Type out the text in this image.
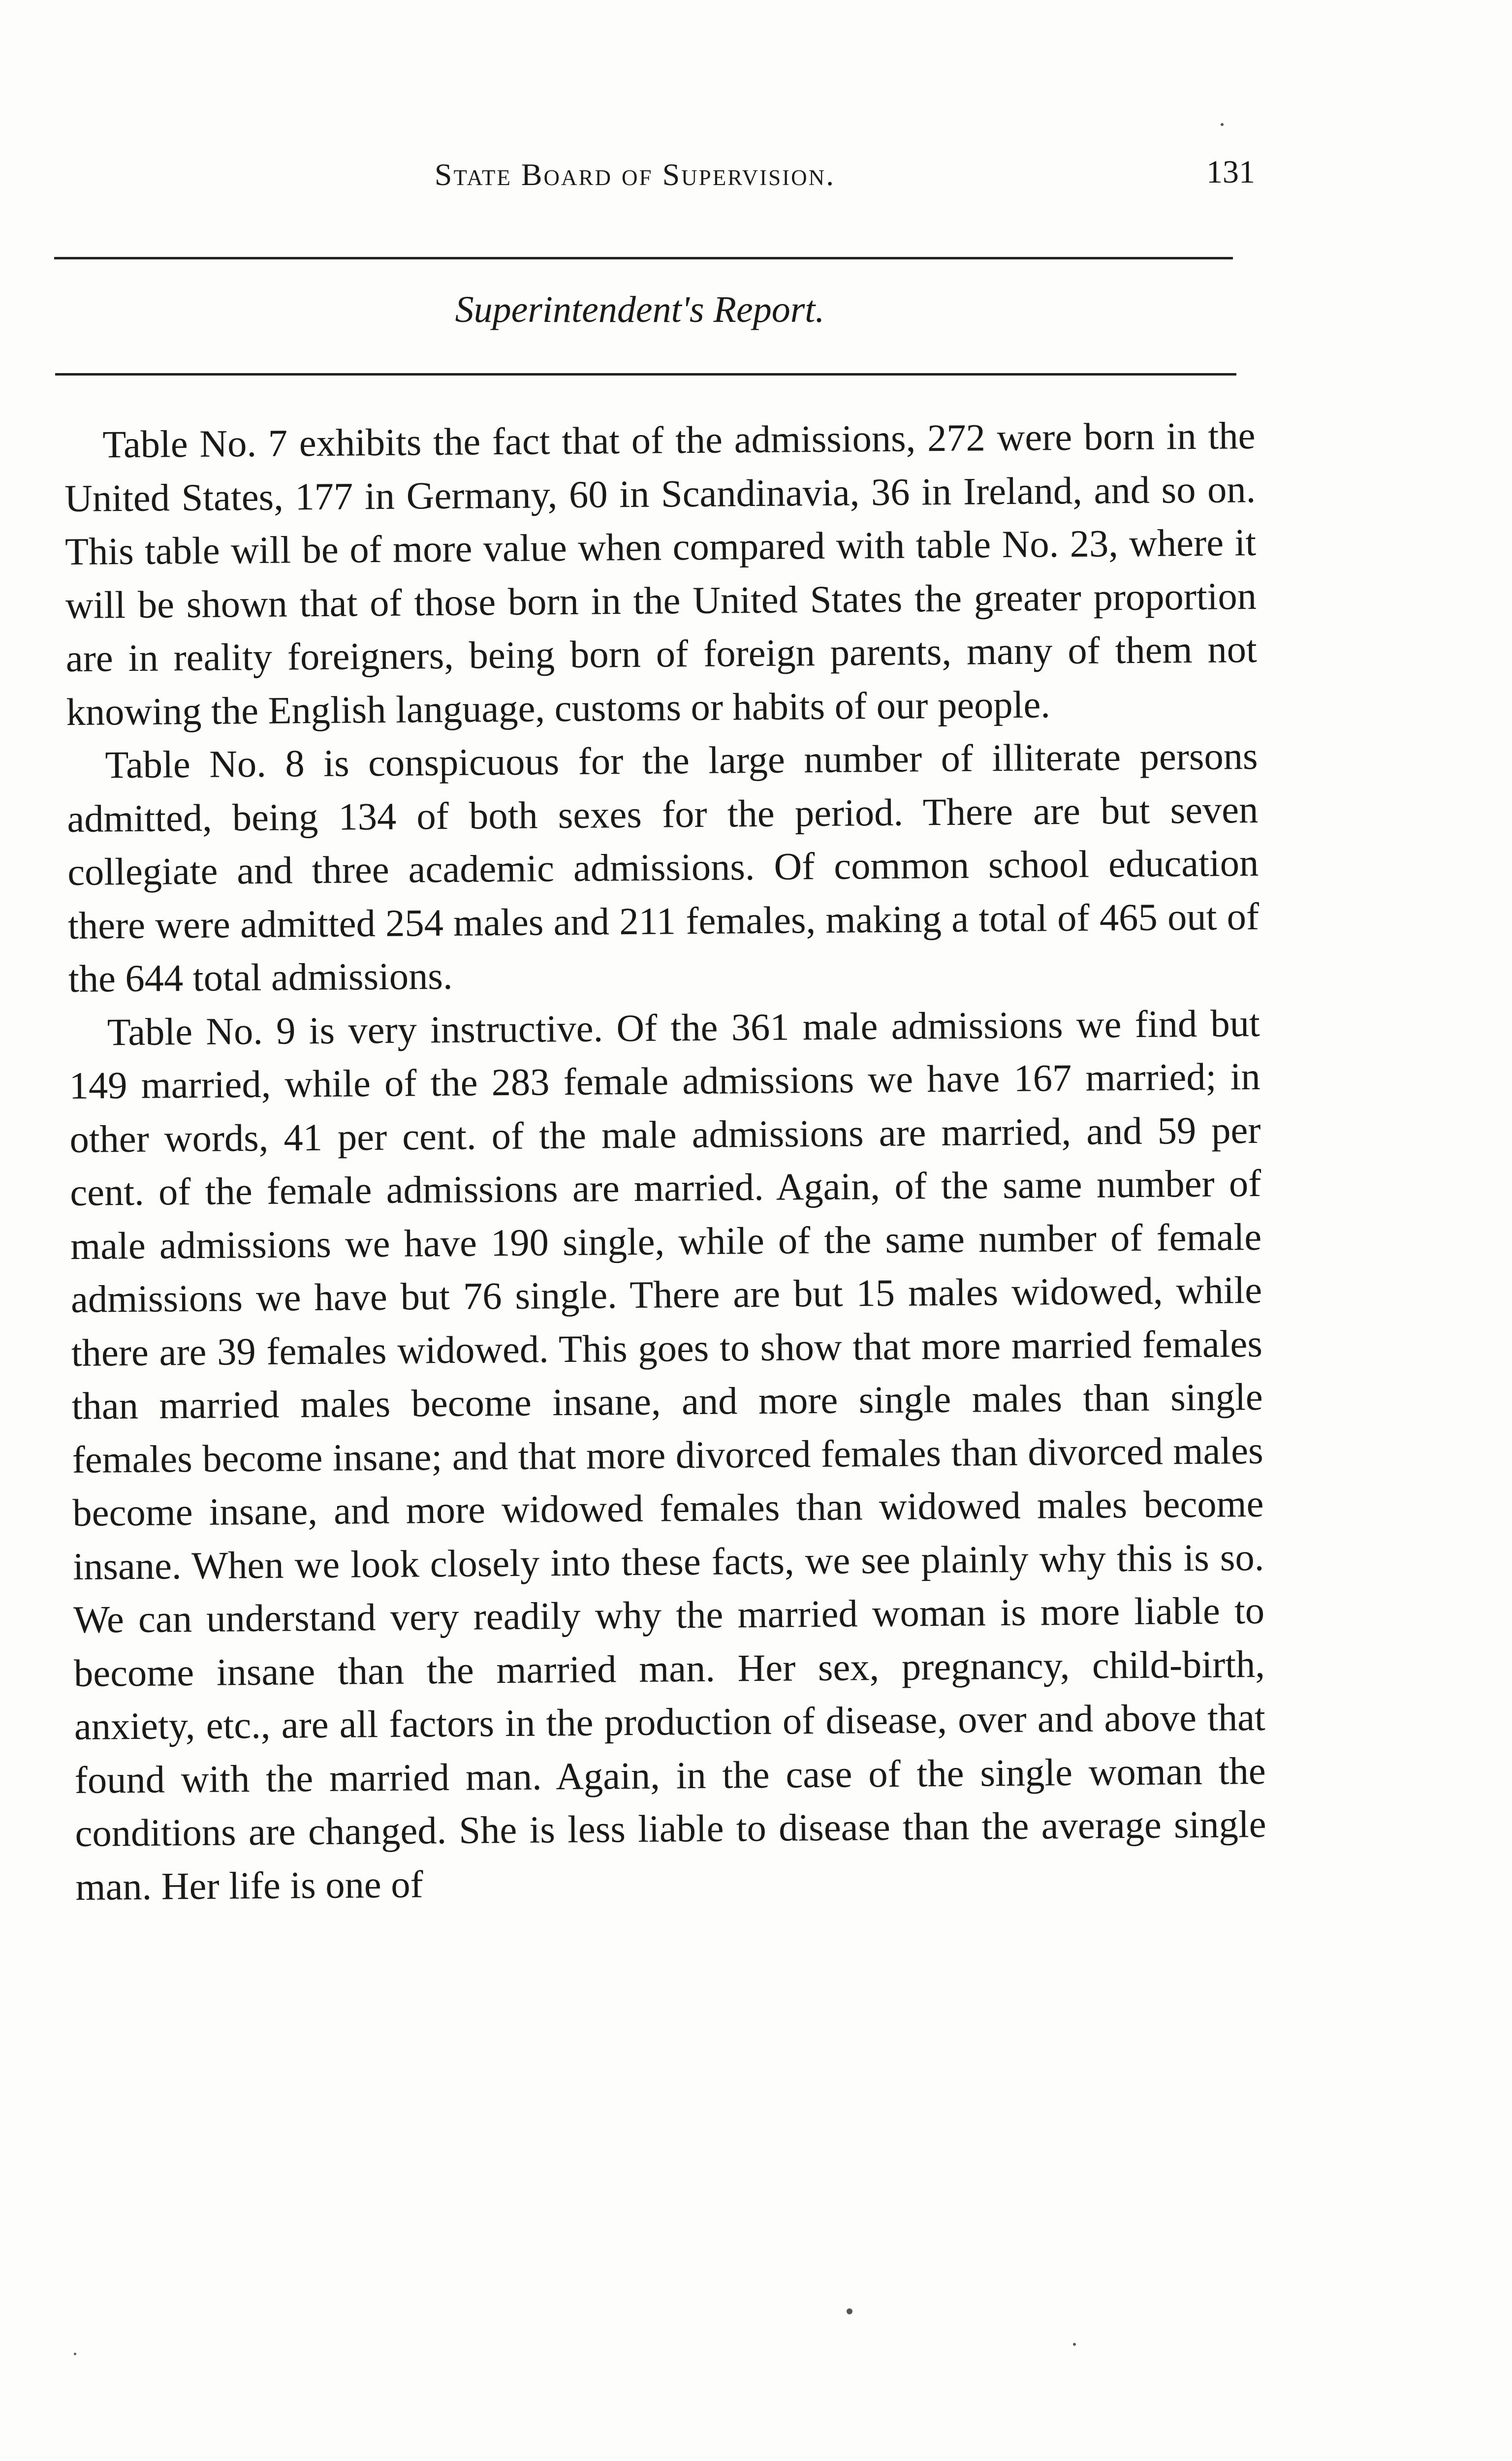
State Board of Supervision.	131
Superintendent's Report.

Table No. 7 exhibits the fact that of the admissions, 272 were born in the United States, 177 in Germany, 60 in Scandinavia, 36 in Ireland, and so on. This table will be of more value when compared with table No. 23, where it will be shown that of those born in the United States the greater proportion are in reality foreigners, being born of foreign parents, many of them not knowing the English language, customs or habits of our people.

Table No. 8 is conspicuous for the large number of illiterate persons admitted, being 134 of both sexes for the period. There are but seven collegiate and three academic admissions. Of common school education there were admitted 254 males and 211 females, making a total of 465 out of the 644 total admissions.

Table No. 9 is very instructive. Of the 361 male admissions we find but 149 married, while of the 283 female admissions we have 167 married; in other words, 41 per cent. of the male admissions are married, and 59 per cent. of the female admissions are married. Again, of the same number of male admissions we have 190 single, while of the same number of female admissions we have but 76 single. There are but 15 males widowed, while there are 39 females widowed. This goes to show that more married females than married males become insane, and more single males than single females become insane; and that more divorced females than divorced males become insane, and more widowed females than widowed males become insane. When we look closely into these facts, we see plainly why this is so. We can understand very readily why the married woman is more liable to become insane than the married man. Her sex, pregnancy, child-birth, anxiety, etc., are all factors in the production of disease, over and above that found with the married man. Again, in the case of the single woman the conditions are changed. She is less liable to disease than the average single man. Her life is one of
